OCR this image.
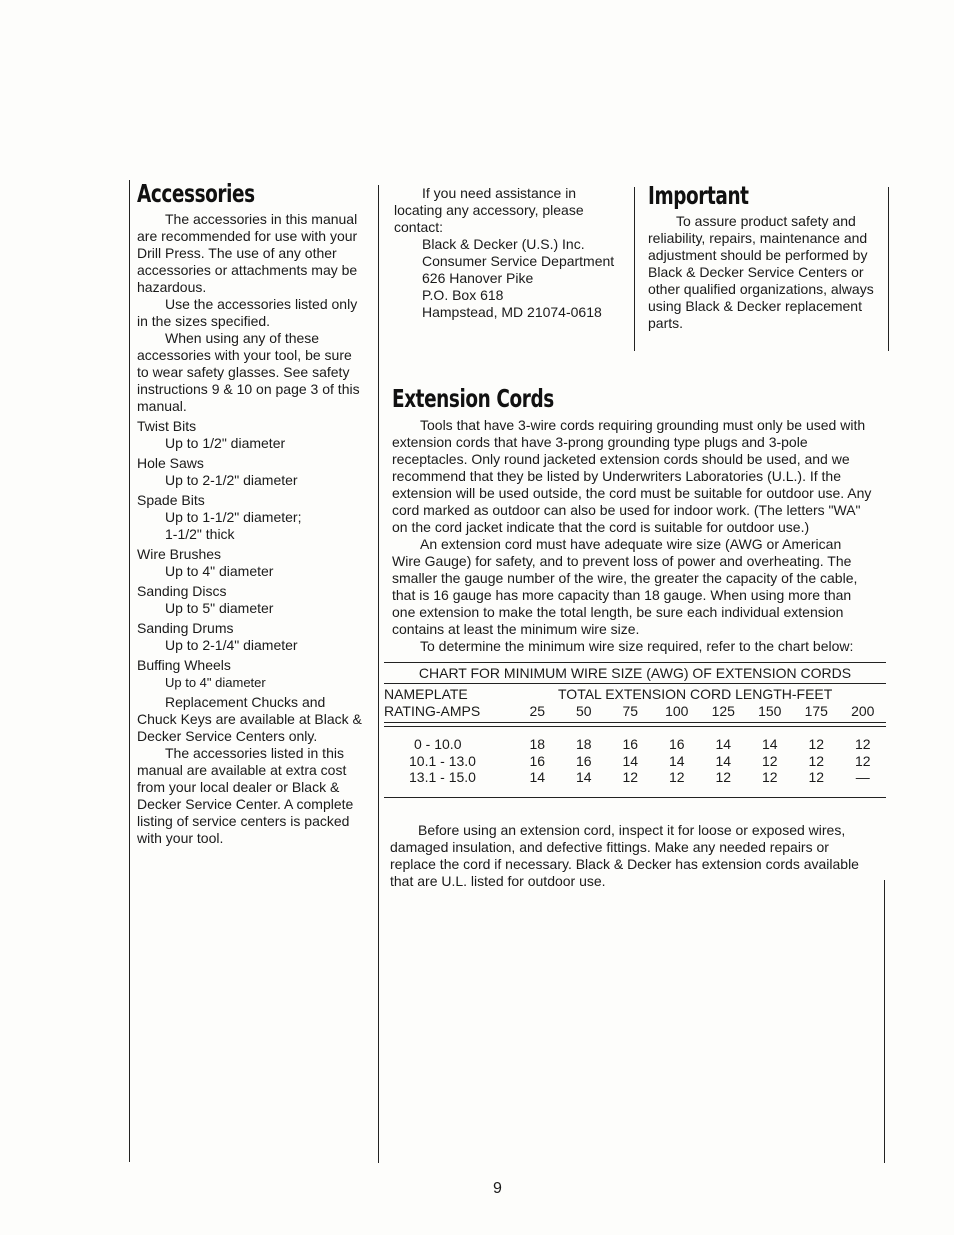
Accessories

The accessories in this manual are recommended for use with your Drill Press. The use of any other accessories or attachments may be hazardous.

Use the accessories listed only in the sizes specified.

When using any of these accessories with your tool, be sure to wear safety glasses. See safety instructions 9 & 10 on page 3 of this manual.

Twist Bits

Up to 1/2" diameter

Hole Saws

Up to 2-1/2" diameter

Spade Bits

Up to 1-1/2" diameter;

1-1/2" thick

Wire Brushes

Up to 4" diameter

Sanding Discs

Up to 5" diameter

Sanding Drums

Up to 2-1/4" diameter

Buffing Wheels

Up to 4" diameter

Replacement Chucks and Chuck Keys are available at Black & Decker Service Centers only.

The accessories listed in this manual are available at extra cost from your local dealer or Black & Decker Service Center. A complete listing of service centers is packed with your tool.

If you need assistance in locating any accessory, please contact:

Black & Decker (U.S.) Inc.
Consumer Service Department
626 Hanover Pike
P.O. Box 618
Hampstead, MD 21074-0618
Important

To assure product safety and reliability, repairs, maintenance and adjustment should be performed by Black & Decker Service Centers or other qualified organizations, always using Black & Decker replacement parts.

Extension Cords

Tools that have 3-wire cords requiring grounding must only be used with extension cords that have 3-prong grounding type plugs and 3-pole receptacles. Only round jacketed extension cords should be used, and we recommend that they be listed by Underwriters Laboratories (U.L.). If the extension will be used outside, the cord must be suitable for outdoor use. Any cord marked as outdoor can also be used for indoor work. (The letters "WA" on the cord jacket indicate that the cord is suitable for outdoor use.)

An extension cord must have adequate wire size (AWG or American Wire Gauge) for safety, and to prevent loss of power and overheating. The smaller the gauge number of the wire, the greater the capacity of the cable, that is 16 gauge has more capacity than 18 gauge. When using more than one extension to make the total length, be sure each individual extension contains at least the minimum wire size.

To determine the minimum wire size required, refer to the chart below:

CHART FOR MINIMUM WIRE SIZE (AWG) OF EXTENSION CORDS
NAMEPLATE
RATING-AMPS
TOTAL EXTENSION CORD LENGTH-FEET
25	50	75	100	125	150	175	200
0 - 10.0	18	18	16	16	14	14	12	12
10.1 - 13.0	16	16	14	14	14	12	12	12
13.1 - 15.0	14	14	12	12	12	12	12	—

Before using an extension cord, inspect it for loose or exposed wires, damaged insulation, and defective fittings. Make any needed repairs or replace the cord if necessary. Black & Decker has extension cords available that are U.L. listed for outdoor use.

9
